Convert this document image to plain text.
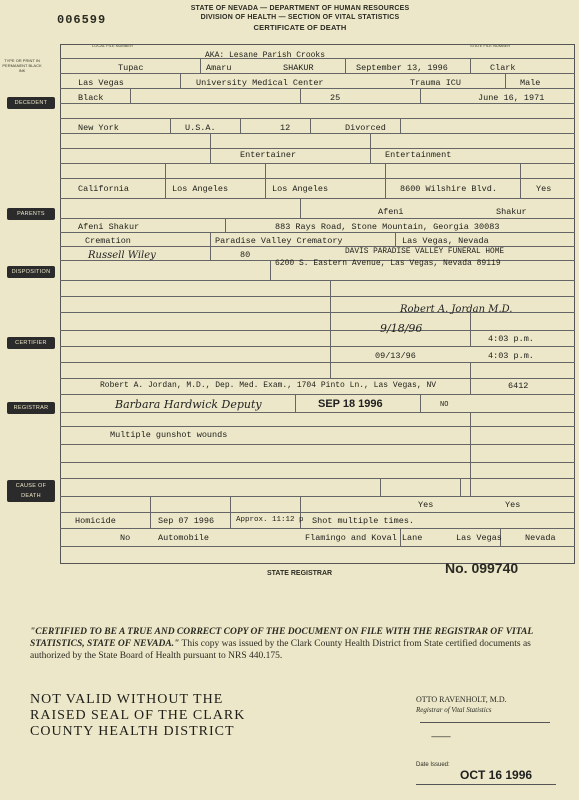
006599
STATE OF NEVADA — DEPARTMENT OF HUMAN RESOURCES
DIVISION OF HEALTH — SECTION OF VITAL STATISTICS
CERTIFICATE OF DEATH
LOCAL FILE NUMBER	STATE FILE NUMBER
TYPE OR PRINT IN PERMANENT BLACK INK
DECEDENT
PARENTS
DISPOSITION
CERTIFIER
REGISTRAR
CAUSE OF DEATH
Tupac	Amaru	SHAKUR
AKA: Lesane Parish Crooks
September 13, 1996	Clark
Las Vegas	University Medical Center	Trauma ICU	Male
Black	25	June 16, 1971
New York	U.S.A.	12	Divorced
Entertainer	Entertainment
California	Los Angeles	Los Angeles	8600 Wilshire Blvd.	Yes
Afeni	Shakur
Afeni Shakur	883 Rays Road, Stone Mountain, Georgia 30083
Cremation	Paradise Valley Crematory	Las Vegas, Nevada
80	DAVIS PARADISE VALLEY FUNERAL HOME
6200 S. Eastern Avenue, Las Vegas, Nevada 89119
Russell Wiley
Robert A. Jordan M.D.
9/18/96
4:03 p.m.
09/13/96	4:03 p.m.
Robert A. Jordan, M.D., Dep. Med. Exam., 1704 Pinto Ln., Las Vegas, NV	6412
Barbara Hardwick Deputy	SEP 18 1996	NO
Multiple gunshot wounds
Yes	Yes
Homicide	Sep 07 1996	Approx. 11:12 p Shot multiple times.
No	Automobile	Flamingo and Koval Lane	Las Vegas	Nevada
STATE REGISTRAR	No. 099740
"CERTIFIED TO BE A TRUE AND CORRECT COPY OF THE DOCUMENT ON FILE WITH THE REGISTRAR OF VITAL STATISTICS, STATE OF NEVADA." This copy was issued by the Clark County Health District from State certified documents as authorized by the State Board of Health pursuant to NRS 440.175.
NOT VALID WITHOUT THE
RAISED SEAL OF THE CLARK
COUNTY HEALTH DISTRICT
OTTO RAVENHOLT, M.D.
Registrar of Vital Statistics
⸺
Date Issued:
OCT 16 1996
